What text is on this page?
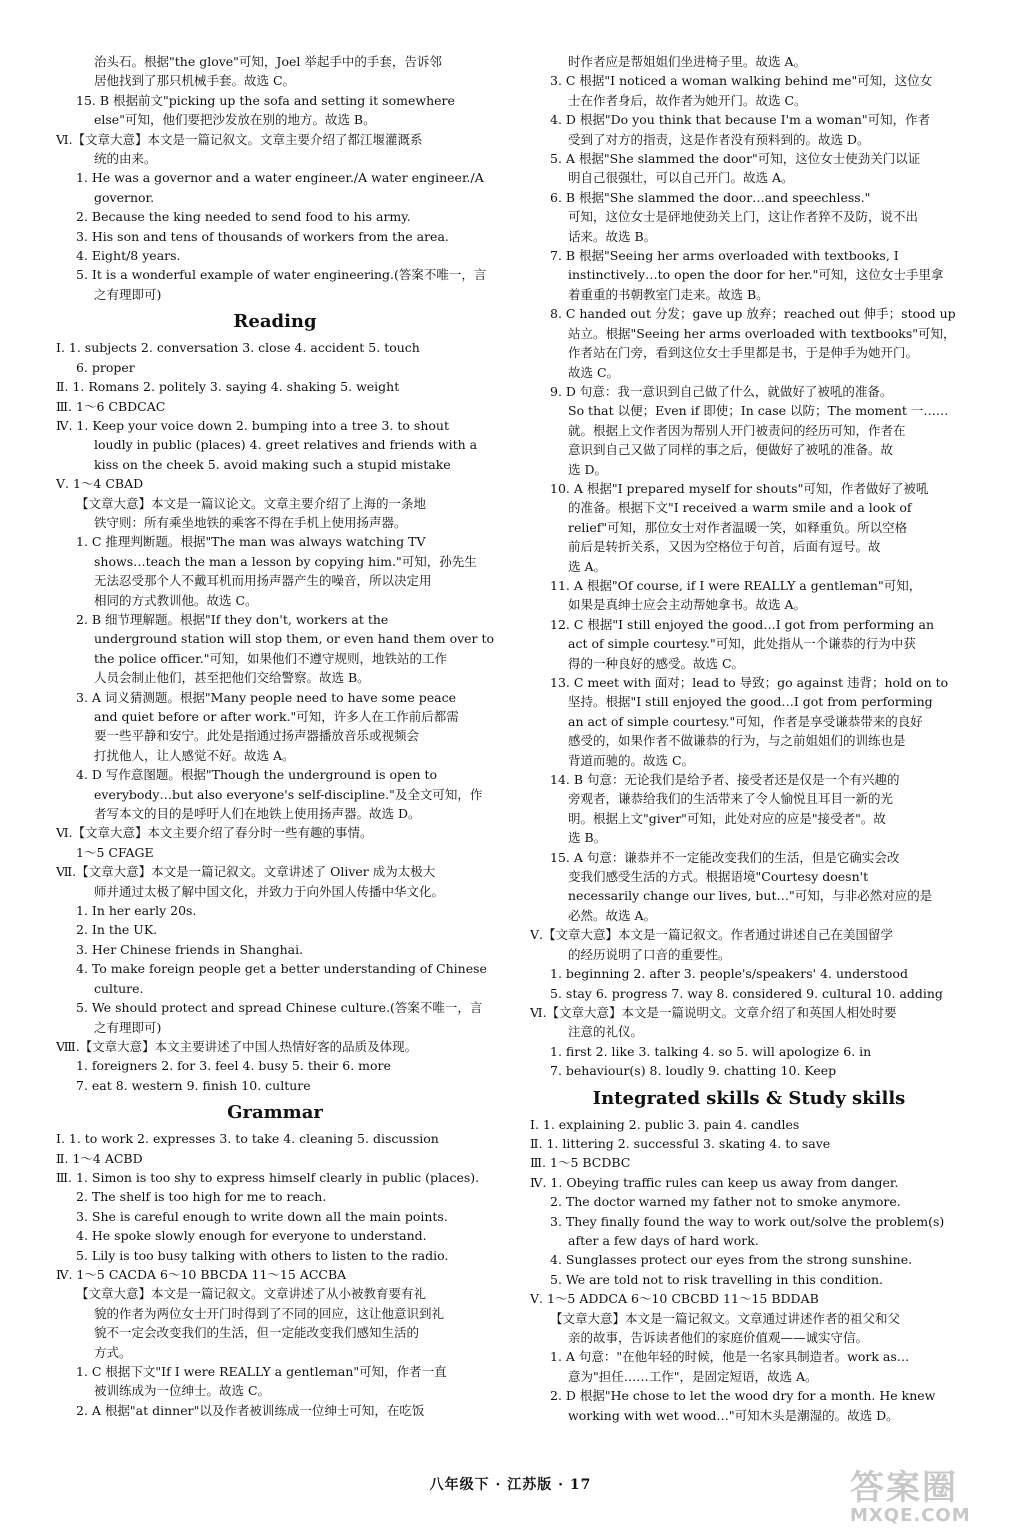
治头石。根据"the glove"可知，Joel 举起手中的手套，告诉邻
居他找到了那只机械手套。故选 C。
15. B 根据前文"picking up the sofa and setting it somewhere
else"可知，他们要把沙发放在别的地方。故选 B。
Ⅵ.【文章大意】本文是一篇记叙文。文章主要介绍了都江堰灌溉系
统的由来。
1. He was a governor and a water engineer./A water engineer./A
governor.
2. Because the king needed to send food to his army.
3. His son and tens of thousands of workers from the area.
4. Eight/8 years.
5. It is a wonderful example of water engineering.(答案不唯一，言
之有理即可)
Reading
Ⅰ. 1. subjects 2. conversation 3. close 4. accident 5. touch
6. proper
Ⅱ. 1. Romans 2. politely 3. saying 4. shaking 5. weight
Ⅲ. 1～6 CBDCAC
Ⅳ. 1. Keep your voice down 2. bumping into a tree 3. to shout
loudly in public (places) 4. greet relatives and friends with a
kiss on the cheek 5. avoid making such a stupid mistake
Ⅴ. 1～4 CBAD
【文章大意】本文是一篇议论文。文章主要介绍了上海的一条地
铁守则：所有乘坐地铁的乘客不得在手机上使用扬声器。
1. C 推理判断题。根据"The man was always watching TV
shows…teach the man a lesson by copying him."可知，孙先生
无法忍受那个人不戴耳机而用扬声器产生的噪音，所以决定用
相同的方式教训他。故选 C。
2. B 细节理解题。根据"If they don't, workers at the
underground station will stop them, or even hand them over to
the police officer."可知，如果他们不遵守规则，地铁站的工作
人员会制止他们，甚至把他们交给警察。故选 B。
3. A 词义猜测题。根据"Many people need to have some peace
and quiet before or after work."可知，许多人在工作前后都需
要一些平静和安宁。此处是指通过扬声器播放音乐或视频会
打扰他人，让人感觉不好。故选 A。
4. D 写作意图题。根据"Though the underground is open to
everybody…but also everyone's self-discipline."及全文可知，作
者写本文的目的是呼吁人们在地铁上使用扬声器。故选 D。
Ⅵ.【文章大意】本文主要介绍了春分时一些有趣的事情。
1～5 CFAGE
Ⅶ.【文章大意】本文是一篇记叙文。文章讲述了 Oliver 成为太极大
师并通过太极了解中国文化，并致力于向外国人传播中华文化。
1. In her early 20s.
2. In the UK.
3. Her Chinese friends in Shanghai.
4. To make foreign people get a better understanding of Chinese
culture.
5. We should protect and spread Chinese culture.(答案不唯一，言
之有理即可)
Ⅷ.【文章大意】本文主要讲述了中国人热情好客的品质及体现。
1. foreigners 2. for 3. feel 4. busy 5. their 6. more
7. eat 8. western 9. finish 10. culture
Grammar
Ⅰ. 1. to work 2. expresses 3. to take 4. cleaning 5. discussion
Ⅱ. 1～4 ACBD
Ⅲ. 1. Simon is too shy to express himself clearly in public (places).
2. The shelf is too high for me to reach.
3. She is careful enough to write down all the main points.
4. He spoke slowly enough for everyone to understand.
5. Lily is too busy talking with others to listen to the radio.
Ⅳ. 1～5 CACDA 6～10 BBCDA 11～15 ACCBA
【文章大意】本文是一篇记叙文。文章讲述了从小被教育要有礼
貌的作者为两位女士开门时得到了不同的回应，这让他意识到礼
貌不一定会改变我们的生活，但一定能改变我们感知生活的
方式。
1. C 根据下文"If I were REALLY a gentleman"可知，作者一直
被训练成为一位绅士。故选 C。
2. A 根据"at dinner"以及作者被训练成一位绅士可知，在吃饭
时作者应是帮姐姐们坐进椅子里。故选 A。
3. C 根据"I noticed a woman walking behind me"可知，这位女
士在作者身后，故作者为她开门。故选 C。
4. D 根据"Do you think that because I'm a woman"可知，作者
受到了对方的指责，这是作者没有预料到的。故选 D。
5. A 根据"She slammed the door"可知，这位女士使劲关门以证
明自己很强壮，可以自己开门。故选 A。
6. B 根据"She slammed the door…and speechless."
可知，这位女士是砰地使劲关上门，这让作者猝不及防，说不出
话来。故选 B。
7. B 根据"Seeing her arms overloaded with textbooks, I
instinctively…to open the door for her."可知，这位女士手里拿
着重重的书朝教室门走来。故选 B。
8. C handed out 分发；gave up 放弃；reached out 伸手；stood up
站立。根据"Seeing her arms overloaded with textbooks"可知，
作者站在门旁，看到这位女士手里都是书，于是伸手为她开门。
故选 C。
9. D 句意：我一意识到自己做了什么，就做好了被吼的准备。
So that 以便；Even if 即使；In case 以防；The moment 一……
就。根据上文作者因为帮别人开门被责问的经历可知，作者在
意识到自己又做了同样的事之后，便做好了被吼的准备。故
选 D。
10. A 根据"I prepared myself for shouts"可知，作者做好了被吼
的准备。根据下文"I received a warm smile and a look of
relief"可知，那位女士对作者温暖一笑，如释重负。所以空格
前后是转折关系，又因为空格位于句首，后面有逗号。故
选 A。
11. A 根据"Of course, if I were REALLY a gentleman"可知，
如果是真绅士应会主动帮她拿书。故选 A。
12. C 根据"I still enjoyed the good…I got from performing an
act of simple courtesy."可知，此处指从一个谦恭的行为中获
得的一种良好的感受。故选 C。
13. C meet with 面对；lead to 导致；go against 违背；hold on to
坚持。根据"I still enjoyed the good…I got from performing
an act of simple courtesy."可知，作者是享受谦恭带来的良好
感受的，如果作者不做谦恭的行为，与之前姐姐们的训练也是
背道而驰的。故选 C。
14. B 句意：无论我们是给予者、接受者还是仅是一个有兴趣的
旁观者，谦恭给我们的生活带来了令人愉悦且耳目一新的光
明。根据上文"giver"可知，此处对应的应是"接受者"。故
选 B。
15. A 句意：谦恭并不一定能改变我们的生活，但是它确实会改
变我们感受生活的方式。根据语境"Courtesy doesn't
necessarily change our lives, but…"可知，与非必然对应的是
必然。故选 A。
Ⅴ.【文章大意】本文是一篇记叙文。作者通过讲述自己在美国留学
的经历说明了口音的重要性。
1. beginning 2. after 3. people's/speakers' 4. understood
5. stay 6. progress 7. way 8. considered 9. cultural 10. adding
Ⅵ.【文章大意】本文是一篇说明文。文章介绍了和英国人相处时要
注意的礼仪。
1. first 2. like 3. talking 4. so 5. will apologize 6. in
7. behaviour(s) 8. loudly 9. chatting 10. Keep
Integrated skills & Study skills
Ⅰ. 1. explaining 2. public 3. pain 4. candles
Ⅱ. 1. littering 2. successful 3. skating 4. to save
Ⅲ. 1～5 BCDBC
Ⅳ. 1. Obeying traffic rules can keep us away from danger.
2. The doctor warned my father not to smoke anymore.
3. They finally found the way to work out/solve the problem(s)
after a few days of hard work.
4. Sunglasses protect our eyes from the strong sunshine.
5. We are told not to risk travelling in this condition.
Ⅴ. 1～5 ADDCA 6～10 CBCBD 11～15 BDDAB
【文章大意】本文是一篇记叙文。文章通过讲述作者的祖父和父
亲的故事，告诉读者他们的家庭价值观——诚实守信。
1. A 句意："在他年轻的时候，他是一名家具制造者。work as…
意为"担任……工作"，是固定短语，故选 A。
2. D 根据"He chose to let the wood dry for a month. He knew
working with wet wood…"可知木头是潮湿的。故选 D。
八年级下 · 江苏版 · 17	答案圈
MXQE.COM
